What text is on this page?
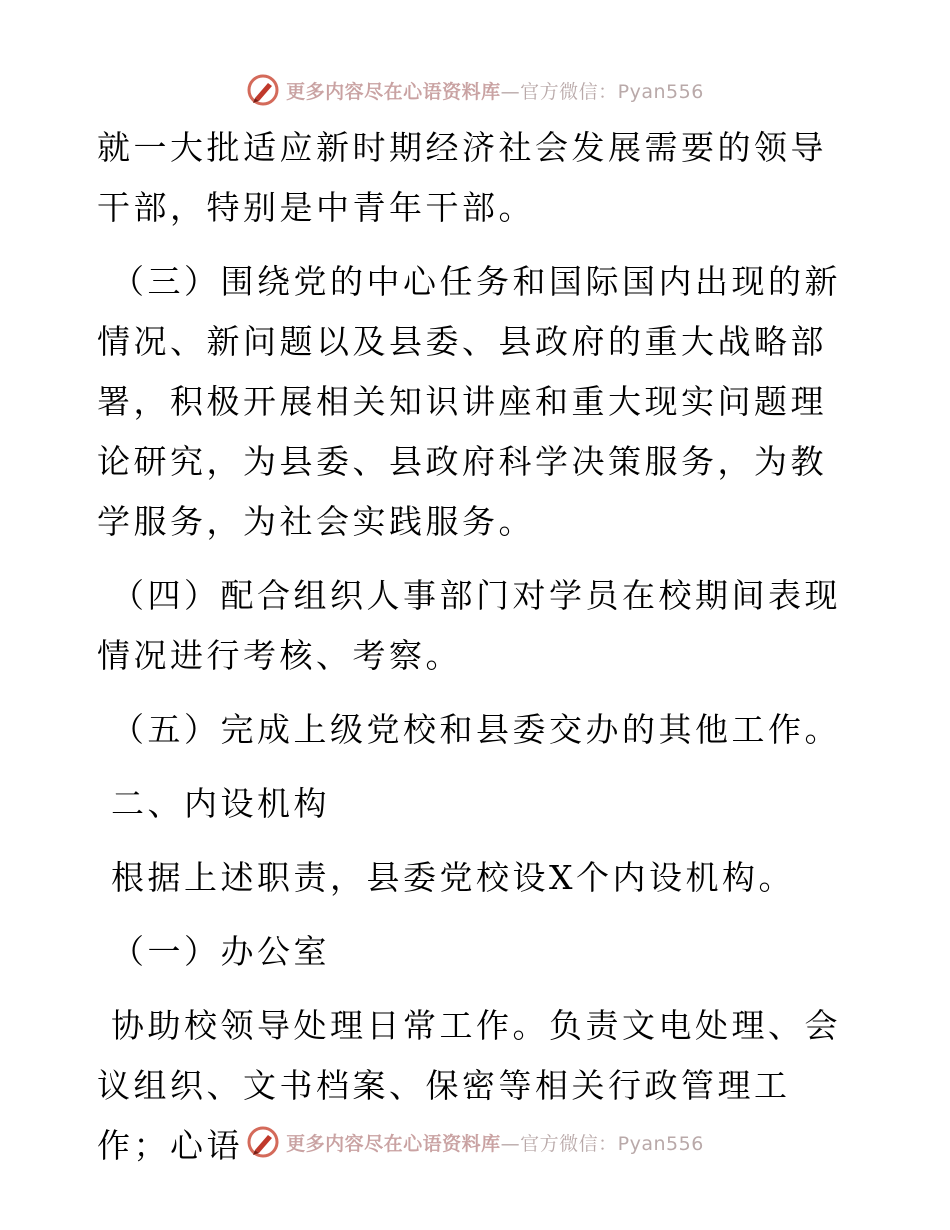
更多内容尽在心语资料库—官方微信：Pyan556

就一大批适应新时期经济社会发展需要的领导干部，特别是中青年干部。

（三）围绕党的中心任务和国际国内出现的新情况、新问题以及县委、县政府的重大战略部署，积极开展相关知识讲座和重大现实问题理论研究，为县委、县政府科学决策服务，为教学服务，为社会实践服务。

（四）配合组织人事部门对学员在校期间表现情况进行考核、考察。

（五）完成上级党校和县委交办的其他工作。

二、内设机构

根据上述职责，县委党校设X个内设机构。

（一）办公室

协助校领导处理日常工作。负责文电处理、会议组织、文书档案、保密等相关行政管理工作；心语	更多内容尽在心语资料库—官方微信：Pyan556
